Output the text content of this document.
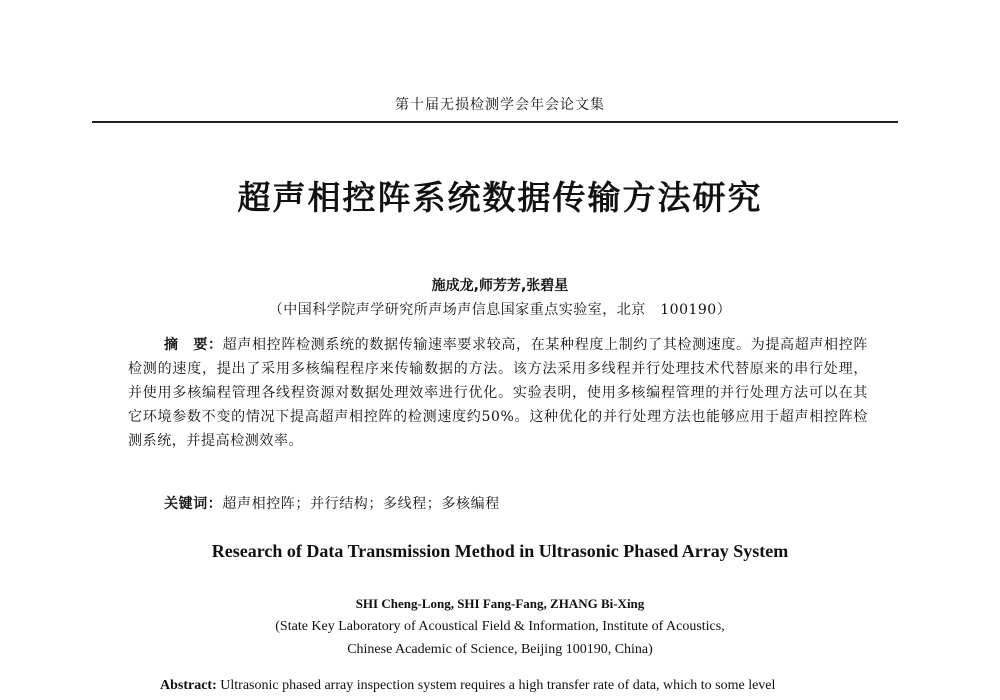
第十届无损检测学会年会论文集
超声相控阵系统数据传输方法研究
施成龙,师芳芳,张碧星
（中国科学院声学研究所声场声信息国家重点实验室，北京　100190）

摘　要：超声相控阵检测系统的数据传输速率要求较高，在某种程度上制约了其检测速度。为提高超声相控阵检测的速度，提出了采用多核编程程序来传输数据的方法。该方法采用多线程并行处理技术代替原来的串行处理，并使用多核编程管理各线程资源对数据处理效率进行优化。实验表明，使用多核编程管理的并行处理方法可以在其它环境参数不变的情况下提高超声相控阵的检测速度约50%。这种优化的并行处理方法也能够应用于超声相控阵检测系统，并提高检测效率。

关键词：超声相控阵；并行结构；多线程；多核编程
Research of Data Transmission Method in Ultrasonic Phased Array System
SHI Cheng-Long, SHI Fang-Fang, ZHANG Bi-Xing
(State Key Laboratory of Acoustical Field & Information, Institute of Acoustics,
Chinese Academic of Science, Beijing 100190, China)

Abstract: Ultrasonic phased array inspection system requires a high transfer rate of data, which to some level
